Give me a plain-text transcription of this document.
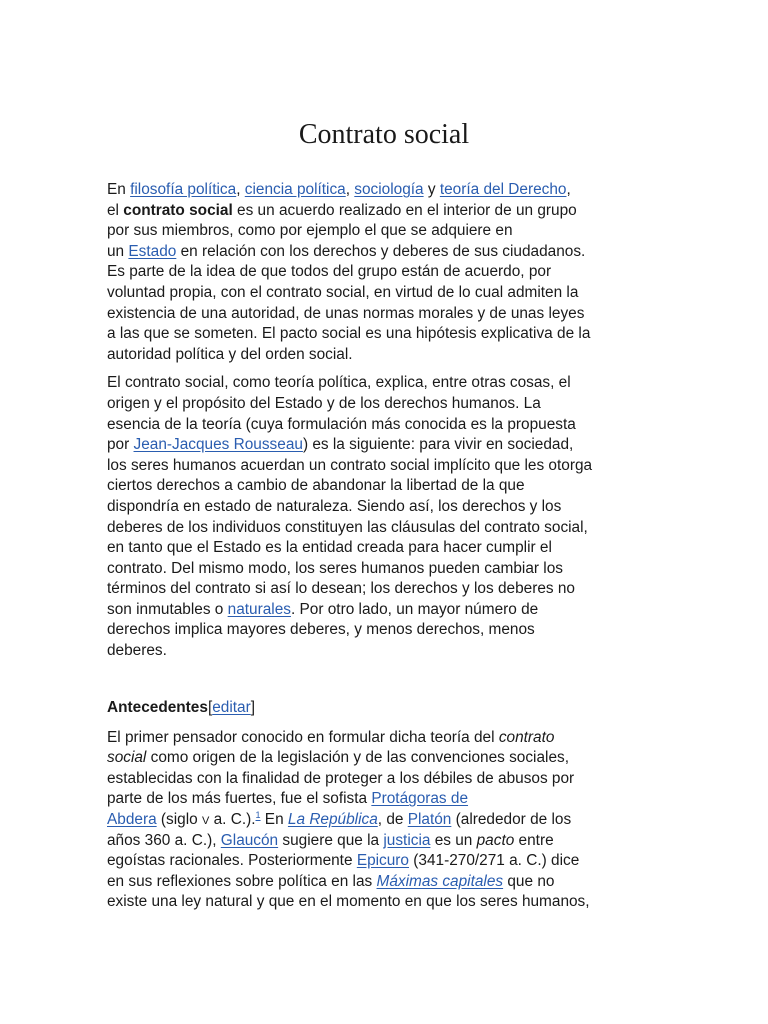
Contrato social
En filosofía política, ciencia política, sociología y teoría del Derecho,
el contrato social es un acuerdo realizado en el interior de un grupo
por sus miembros, como por ejemplo el que se adquiere en
un Estado en relación con los derechos y deberes de sus ciudadanos.
Es parte de la idea de que todos del grupo están de acuerdo, por
voluntad propia, con el contrato social, en virtud de lo cual admiten la
existencia de una autoridad, de unas normas morales y de unas leyes
a las que se someten. El pacto social es una hipótesis explicativa de la
autoridad política y del orden social.
El contrato social, como teoría política, explica, entre otras cosas, el
origen y el propósito del Estado y de los derechos humanos. La
esencia de la teoría (cuya formulación más conocida es la propuesta
por Jean-Jacques Rousseau) es la siguiente: para vivir en sociedad,
los seres humanos acuerdan un contrato social implícito que les otorga
ciertos derechos a cambio de abandonar la libertad de la que
dispondría en estado de naturaleza. Siendo así, los derechos y los
deberes de los individuos constituyen las cláusulas del contrato social,
en tanto que el Estado es la entidad creada para hacer cumplir el
contrato. Del mismo modo, los seres humanos pueden cambiar los
términos del contrato si así lo desean; los derechos y los deberes no
son inmutables o naturales. Por otro lado, un mayor número de
derechos implica mayores deberes, y menos derechos, menos
deberes.
Antecedentes[editar]
El primer pensador conocido en formular dicha teoría del contrato
social como origen de la legislación y de las convenciones sociales,
establecidas con la finalidad de proteger a los débiles de abusos por
parte de los más fuertes, fue el sofista Protágoras de
Abdera (siglo V a. C.).$^1$ En La República, de Platón (alrededor de los
años 360 a. C.), Glaucón sugiere que la justicia es un pacto entre
egoístas racionales. Posteriormente Epicuro (341-270/271 a. C.) dice
en sus reflexiones sobre política en las Máximas capitales que no
existe una ley natural y que en el momento en que los seres humanos,
